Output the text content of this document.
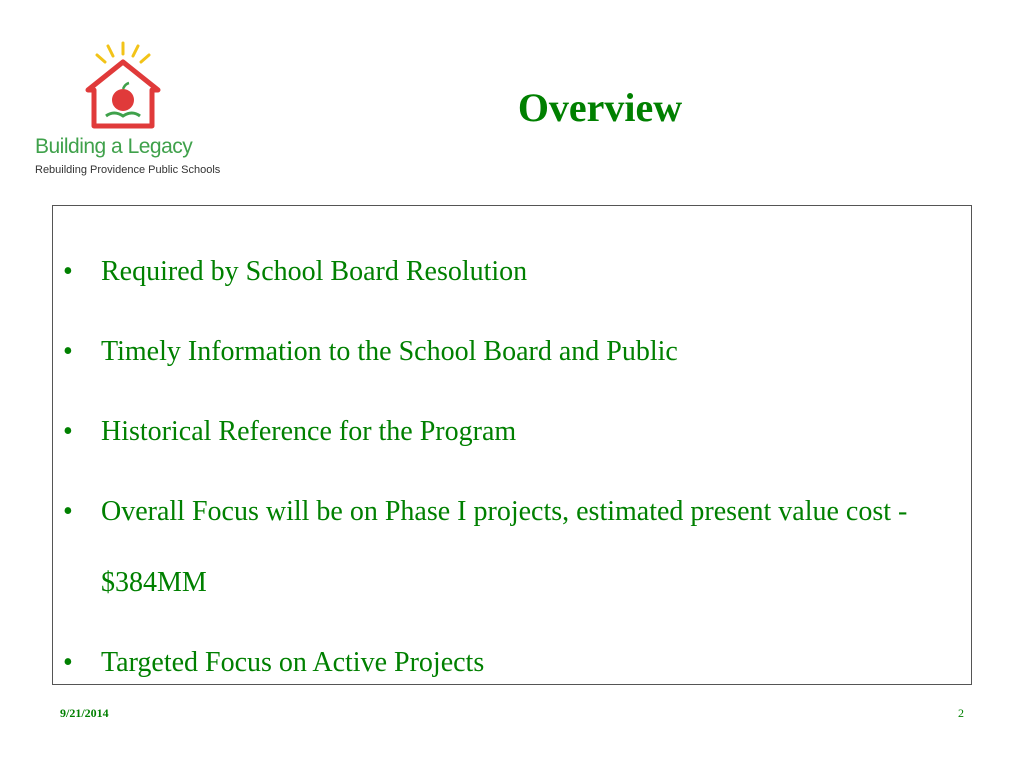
Building a Legacy
Rebuilding Providence Public Schools
Overview
• Required by School Board Resolution
• Timely Information to the School Board and Public
• Historical Reference for the Program
• Overall Focus will be on Phase I projects, estimated present value cost - $384MM
• Targeted Focus on Active Projects
9/21/2014	2
